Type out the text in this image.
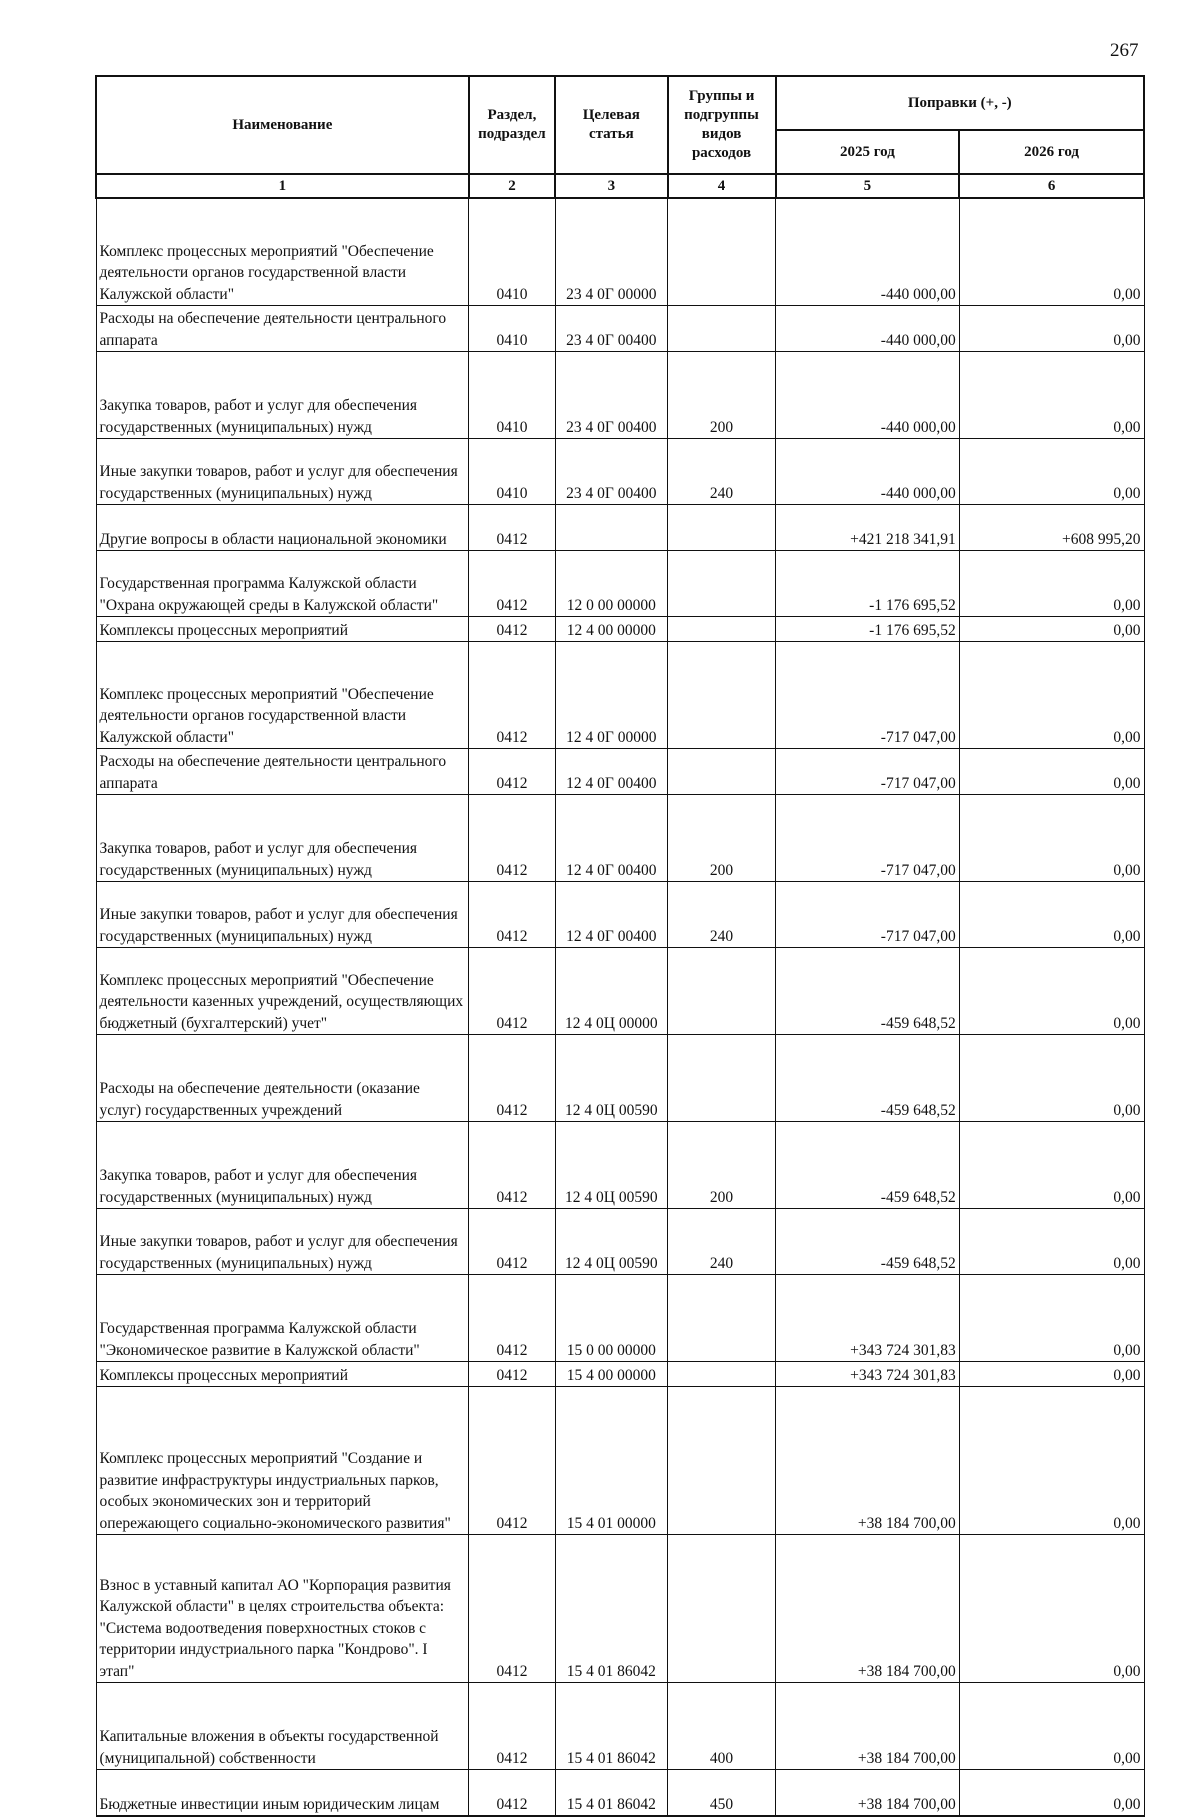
267
Наименование	Раздел, подраздел	Целевая статья	Группы и подгруппы видов расходов	Поправки (+, -)	
				2025 год	2026 год
1	2	3	4	5	6
Комплекс процессных мероприятий "Обеспечение деятельности органов государственной власти Калужской области"	0410	23 4 0Г 00000		-440 000,00	0,00
Расходы на обеспечение деятельности центрального аппарата	0410	23 4 0Г 00400		-440 000,00	0,00
Закупка товаров, работ и услуг для обеспечения государственных (муниципальных) нужд	0410	23 4 0Г 00400	200	-440 000,00	0,00
Иные закупки товаров, работ и услуг для обеспечения государственных (муниципальных) нужд	0410	23 4 0Г 00400	240	-440 000,00	0,00
Другие вопросы в области национальной экономики	0412			+421 218 341,91	+608 995,20
Государственная программа Калужской области "Охрана окружающей среды в Калужской области"	0412	12 0 00 00000		-1 176 695,52	0,00
Комплексы процессных мероприятий	0412	12 4 00 00000		-1 176 695,52	0,00
Комплекс процессных мероприятий "Обеспечение деятельности органов государственной власти Калужской области"	0412	12 4 0Г 00000		-717 047,00	0,00
Расходы на обеспечение деятельности центрального аппарата	0412	12 4 0Г 00400		-717 047,00	0,00
Закупка товаров, работ и услуг для обеспечения государственных (муниципальных) нужд	0412	12 4 0Г 00400	200	-717 047,00	0,00
Иные закупки товаров, работ и услуг для обеспечения государственных (муниципальных) нужд	0412	12 4 0Г 00400	240	-717 047,00	0,00
Комплекс процессных мероприятий "Обеспечение деятельности казенных учреждений, осуществляющих бюджетный (бухгалтерский) учет"	0412	12 4 0Ц 00000		-459 648,52	0,00
Расходы на обеспечение деятельности (оказание услуг) государственных учреждений	0412	12 4 0Ц 00590		-459 648,52	0,00
Закупка товаров, работ и услуг для обеспечения государственных (муниципальных) нужд	0412	12 4 0Ц 00590	200	-459 648,52	0,00
Иные закупки товаров, работ и услуг для обеспечения государственных (муниципальных) нужд	0412	12 4 0Ц 00590	240	-459 648,52	0,00
Государственная программа Калужской области "Экономическое развитие в Калужской области"	0412	15 0 00 00000		+343 724 301,83	0,00
Комплексы процессных мероприятий	0412	15 4 00 00000		+343 724 301,83	0,00
Комплекс процессных мероприятий "Создание и развитие инфраструктуры индустриальных парков, особых экономических зон и территорий опережающего социально-экономического развития"	0412	15 4 01 00000		+38 184 700,00	0,00
Взнос в уставный капитал АО "Корпорация развития Калужской области" в целях строительства объекта: "Система водоотведения поверхностных стоков с территории индустриального парка "Кондрово". I этап"	0412	15 4 01 86042		+38 184 700,00	0,00
Капитальные вложения в объекты государственной (муниципальной) собственности	0412	15 4 01 86042	400	+38 184 700,00	0,00
Бюджетные инвестиции иным юридическим лицам	0412	15 4 01 86042	450	+38 184 700,00	0,00
